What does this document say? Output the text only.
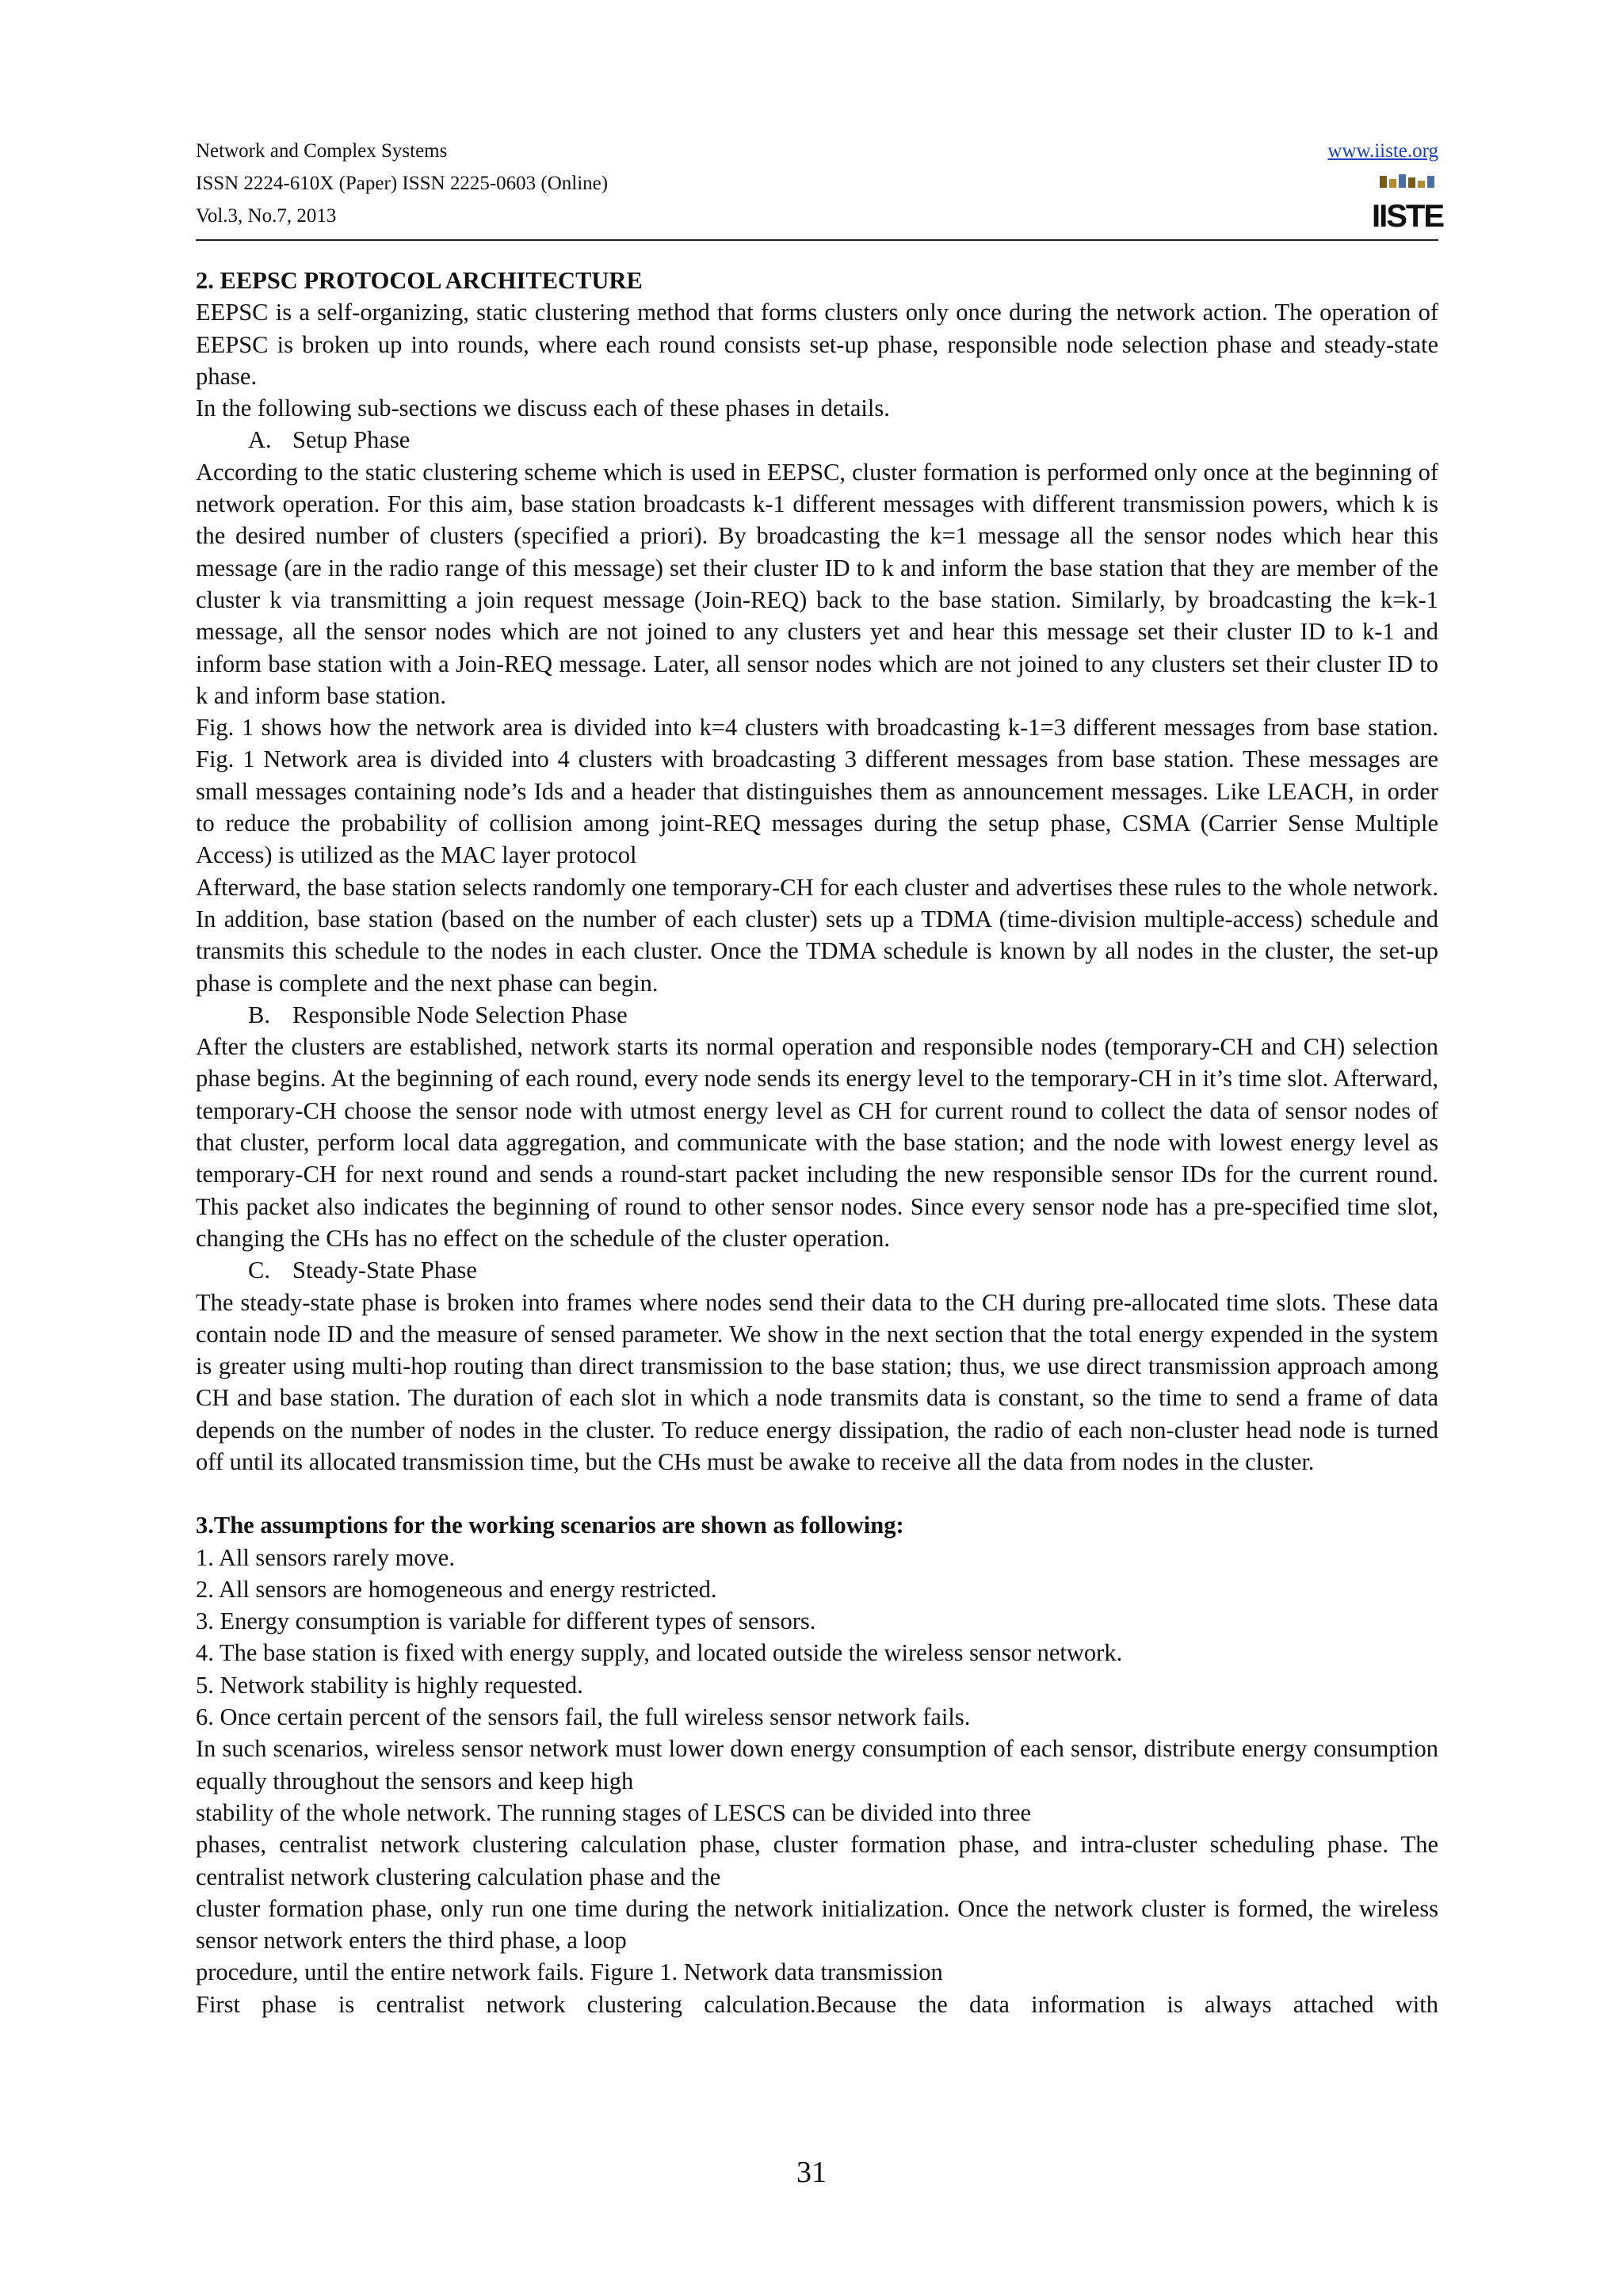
Network and Complex Systems
ISSN 2224-610X (Paper) ISSN 2225-0603 (Online)
Vol.3, No.7, 2013
www.iiste.org
IISTE

2. EEPSC PROTOCOL ARCHITECTURE

EEPSC is a self-organizing, static clustering method that forms clusters only once during the network action. The operation of EEPSC is broken up into rounds, where each round consists set-up phase, responsible node selection phase and steady-state phase.

In the following sub-sections we discuss each of these phases in details.

A. Setup Phase

According to the static clustering scheme which is used in EEPSC, cluster formation is performed only once at the beginning of network operation. For this aim, base station broadcasts k-1 different messages with different transmission powers, which k is the desired number of clusters (specified a priori). By broadcasting the k=1 message all the sensor nodes which hear this message (are in the radio range of this message) set their cluster ID to k and inform the base station that they are member of the cluster k via transmitting a join request message (Join-REQ) back to the base station. Similarly, by broadcasting the k=k-1 message, all the sensor nodes which are not joined to any clusters yet and hear this message set their cluster ID to k-1 and inform base station with a Join-REQ message. Later, all sensor nodes which are not joined to any clusters set their cluster ID to k and inform base station.

Fig. 1 shows how the network area is divided into k=4 clusters with broadcasting k-1=3 different messages from base station. Fig. 1 Network area is divided into 4 clusters with broadcasting 3 different messages from base station. These messages are small messages containing node’s Ids and a header that distinguishes them as announcement messages. Like LEACH, in order to reduce the probability of collision among joint-REQ messages during the setup phase, CSMA (Carrier Sense Multiple Access) is utilized as the MAC layer protocol

Afterward, the base station selects randomly one temporary-CH for each cluster and advertises these rules to the whole network. In addition, base station (based on the number of each cluster) sets up a TDMA (time-division multiple-access) schedule and transmits this schedule to the nodes in each cluster. Once the TDMA schedule is known by all nodes in the cluster, the set-up phase is complete and the next phase can begin.

B. Responsible Node Selection Phase

After the clusters are established, network starts its normal operation and responsible nodes (temporary-CH and CH) selection phase begins. At the beginning of each round, every node sends its energy level to the temporary-CH in it’s time slot. Afterward, temporary-CH choose the sensor node with utmost energy level as CH for current round to collect the data of sensor nodes of that cluster, perform local data aggregation, and communicate with the base station; and the node with lowest energy level as temporary-CH for next round and sends a round-start packet including the new responsible sensor IDs for the current round. This packet also indicates the beginning of round to other sensor nodes. Since every sensor node has a pre-specified time slot, changing the CHs has no effect on the schedule of the cluster operation.

C. Steady-State Phase

The steady-state phase is broken into frames where nodes send their data to the CH during pre-allocated time slots. These data contain node ID and the measure of sensed parameter. We show in the next section that the total energy expended in the system is greater using multi-hop routing than direct transmission to the base station; thus, we use direct transmission approach among CH and base station. The duration of each slot in which a node transmits data is constant, so the time to send a frame of data depends on the number of nodes in the cluster. To reduce energy dissipation, the radio of each non-cluster head node is turned off until its allocated transmission time, but the CHs must be awake to receive all the data from nodes in the cluster.

3.The assumptions for the working scenarios are shown as following:

1. All sensors rarely move.

2. All sensors are homogeneous and energy restricted.

3. Energy consumption is variable for different types of sensors.

4. The base station is fixed with energy supply, and located outside the wireless sensor network.

5. Network stability is highly requested.

6. Once certain percent of the sensors fail, the full wireless sensor network fails.

In such scenarios, wireless sensor network must lower down energy consumption of each sensor, distribute energy consumption equally throughout the sensors and keep high

stability of the whole network. The running stages of LESCS can be divided into three

phases, centralist network clustering calculation phase, cluster formation phase, and intra-cluster scheduling phase. The centralist network clustering calculation phase and the

cluster formation phase, only run one time during the network initialization. Once the network cluster is formed, the wireless sensor network enters the third phase, a loop

procedure, until the entire network fails. Figure 1. Network data transmission

First phase is centralist network clustering calculation.Because the data information is always attached with

31
